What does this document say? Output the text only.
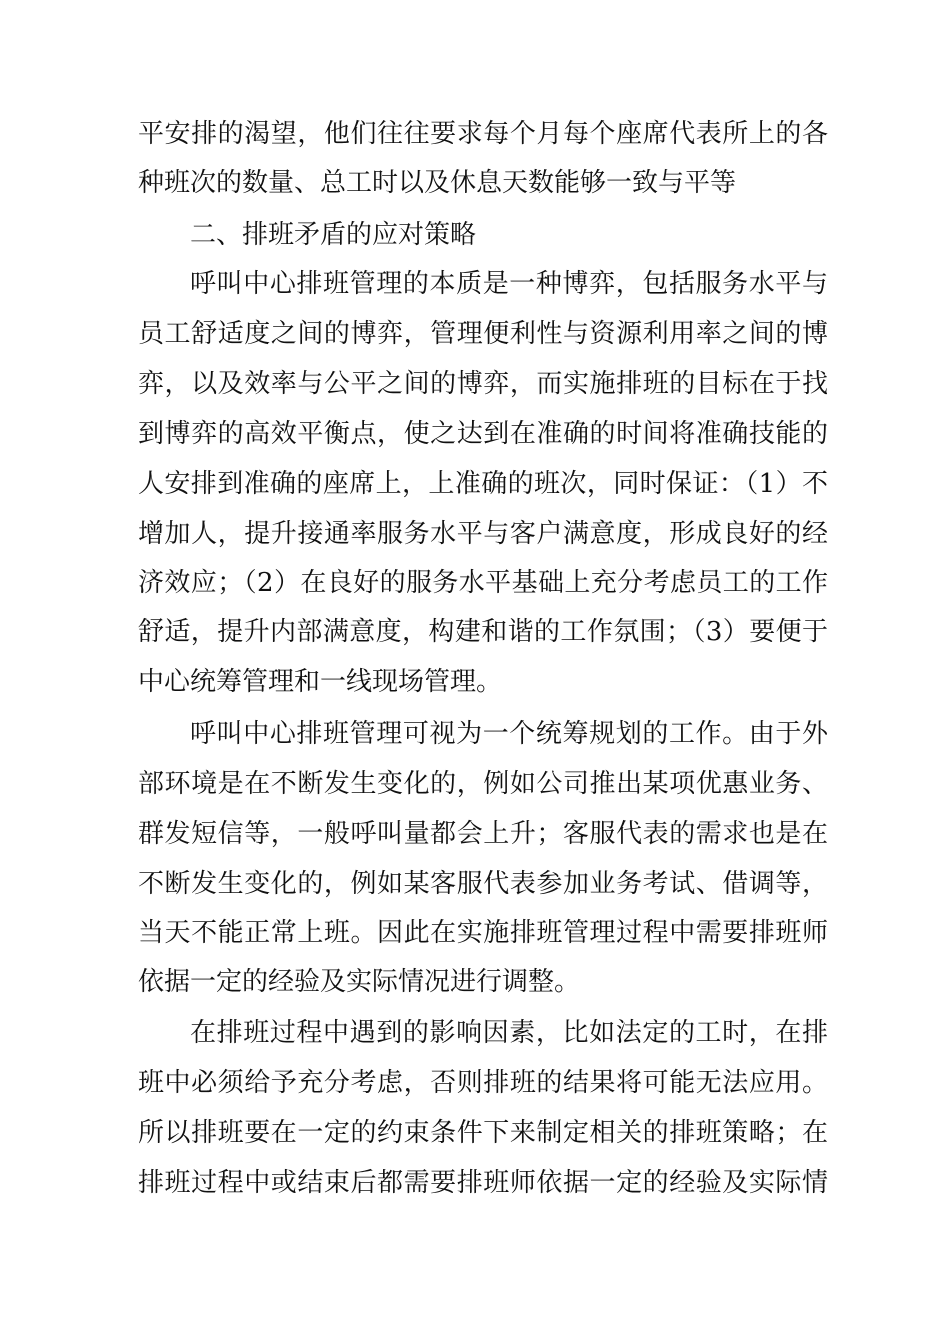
平安排的渴望，他们往往要求每个月每个座席代表所上的各
种班次的数量、总工时以及休息天数能够一致与平等
二、排班矛盾的应对策略
呼叫中心排班管理的本质是一种博弈，包括服务水平与
员工舒适度之间的博弈，管理便利性与资源利用率之间的博
弈，以及效率与公平之间的博弈，而实施排班的目标在于找
到博弈的高效平衡点，使之达到在准确的时间将准确技能的
人安排到准确的座席上，上准确的班次，同时保证：（1）不
增加人，提升接通率服务水平与客户满意度，形成良好的经
济效应；（2）在良好的服务水平基础上充分考虑员工的工作
舒适，提升内部满意度，构建和谐的工作氛围；（3）要便于
中心统筹管理和一线现场管理。
呼叫中心排班管理可视为一个统筹规划的工作。由于外
部环境是在不断发生变化的，例如公司推出某项优惠业务、
群发短信等，一般呼叫量都会上升；客服代表的需求也是在
不断发生变化的，例如某客服代表参加业务考试、借调等，
当天不能正常上班。因此在实施排班管理过程中需要排班师
依据一定的经验及实际情况进行调整。
在排班过程中遇到的影响因素，比如法定的工时，在排
班中必须给予充分考虑，否则排班的结果将可能无法应用。
所以排班要在一定的约束条件下来制定相关的排班策略；在
排班过程中或结束后都需要排班师依据一定的经验及实际情
